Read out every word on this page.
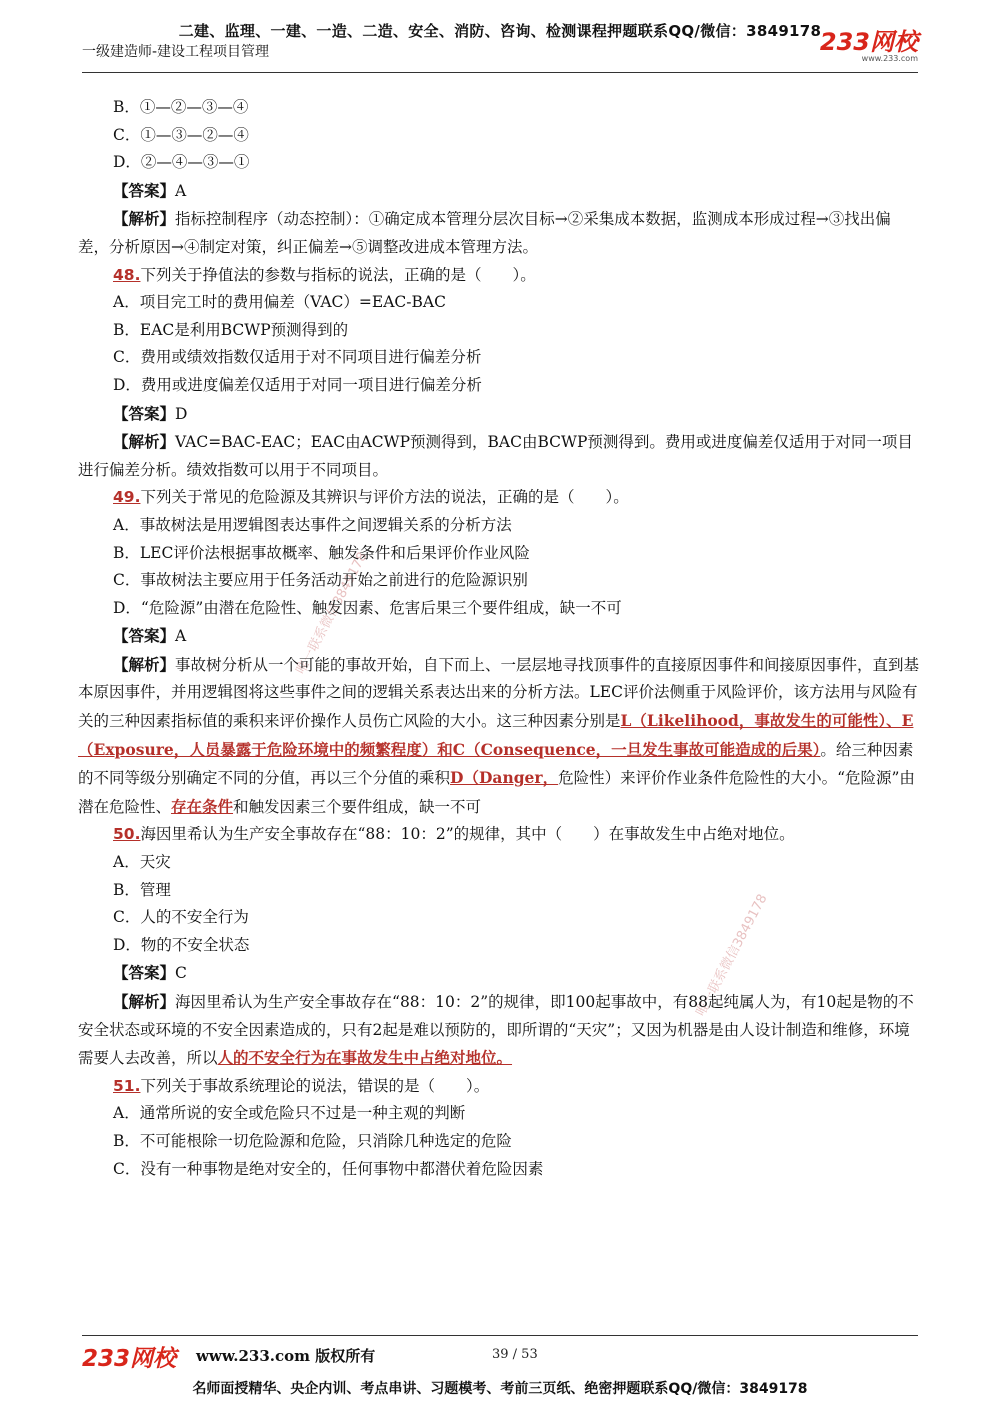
二建、监理、一建、一造、二造、安全、消防、咨询、检测课程押题联系QQ/微信：3849178
一级建造师-建设工程项目管理	233网校
www.233.com
唯一联系微信3849178
唯一联系微信3849178
B．①—②—③—④
C．①—③—②—④
D．②—④—③—①
【答案】A
【解析】指标控制程序（动态控制）：①确定成本管理分层次目标→②采集成本数据，监测成本形成过程→③找出偏差，分析原因→④制定对策，纠正偏差→⑤调整改进成本管理方法。
48.下列关于挣值法的参数与指标的说法，正确的是（　　）。
A．项目完工时的费用偏差（VAC）=EAC-BAC
B．EAC是利用BCWP预测得到的
C．费用或绩效指数仅适用于对不同项目进行偏差分析
D．费用或进度偏差仅适用于对同一项目进行偏差分析
【答案】D
【解析】VAC=BAC-EAC；EAC由ACWP预测得到，BAC由BCWP预测得到。费用或进度偏差仅适用于对同一项目进行偏差分析。绩效指数可以用于不同项目。
49.下列关于常见的危险源及其辨识与评价方法的说法，正确的是（　　）。
A．事故树法是用逻辑图表达事件之间逻辑关系的分析方法
B．LEC评价法根据事故概率、触发条件和后果评价作业风险
C．事故树法主要应用于任务活动开始之前进行的危险源识别
D．“危险源”由潜在危险性、触发因素、危害后果三个要件组成，缺一不可
【答案】A
【解析】事故树分析从一个可能的事故开始，自下而上、一层层地寻找顶事件的直接原因事件和间接原因事件，直到基本原因事件，并用逻辑图将这些事件之间的逻辑关系表达出来的分析方法。LEC评价法侧重于风险评价，该方法用与风险有关的三种因素指标值的乘积来评价操作人员伤亡风险的大小。这三种因素分别是L（Likelihood，事故发生的可能性）、E（Exposure，人员暴露于危险环境中的频繁程度）和C（Consequence，一旦发生事故可能造成的后果）。给三种因素的不同等级分别确定不同的分值，再以三个分值的乘积D（Danger，危险性）来评价作业条件危险性的大小。“危险源”由潜在危险性、存在条件和触发因素三个要件组成，缺一不可
50.海因里希认为生产安全事故存在“88：10：2”的规律，其中（　　）在事故发生中占绝对地位。
A．天灾
B．管理
C．人的不安全行为
D．物的不安全状态
【答案】C
【解析】海因里希认为生产安全事故存在“88：10：2”的规律，即100起事故中，有88起纯属人为，有10起是物的不安全状态或环境的不安全因素造成的，只有2起是难以预防的，即所谓的“天灾”；又因为机器是由人设计制造和维修，环境需要人去改善，所以人的不安全行为在事故发生中占绝对地位。
51.下列关于事故系统理论的说法，错误的是（　　）。
A．通常所说的安全或危险只不过是一种主观的判断
B．不可能根除一切危险源和危险，只消除几种选定的危险
C．没有一种事物是绝对安全的，任何事物中都潜伏着危险因素
233网校 www.233.com 版权所有	39 / 53
名师面授精华、央企内训、考点串讲、习题模考、考前三页纸、绝密押题联系QQ/微信：3849178
